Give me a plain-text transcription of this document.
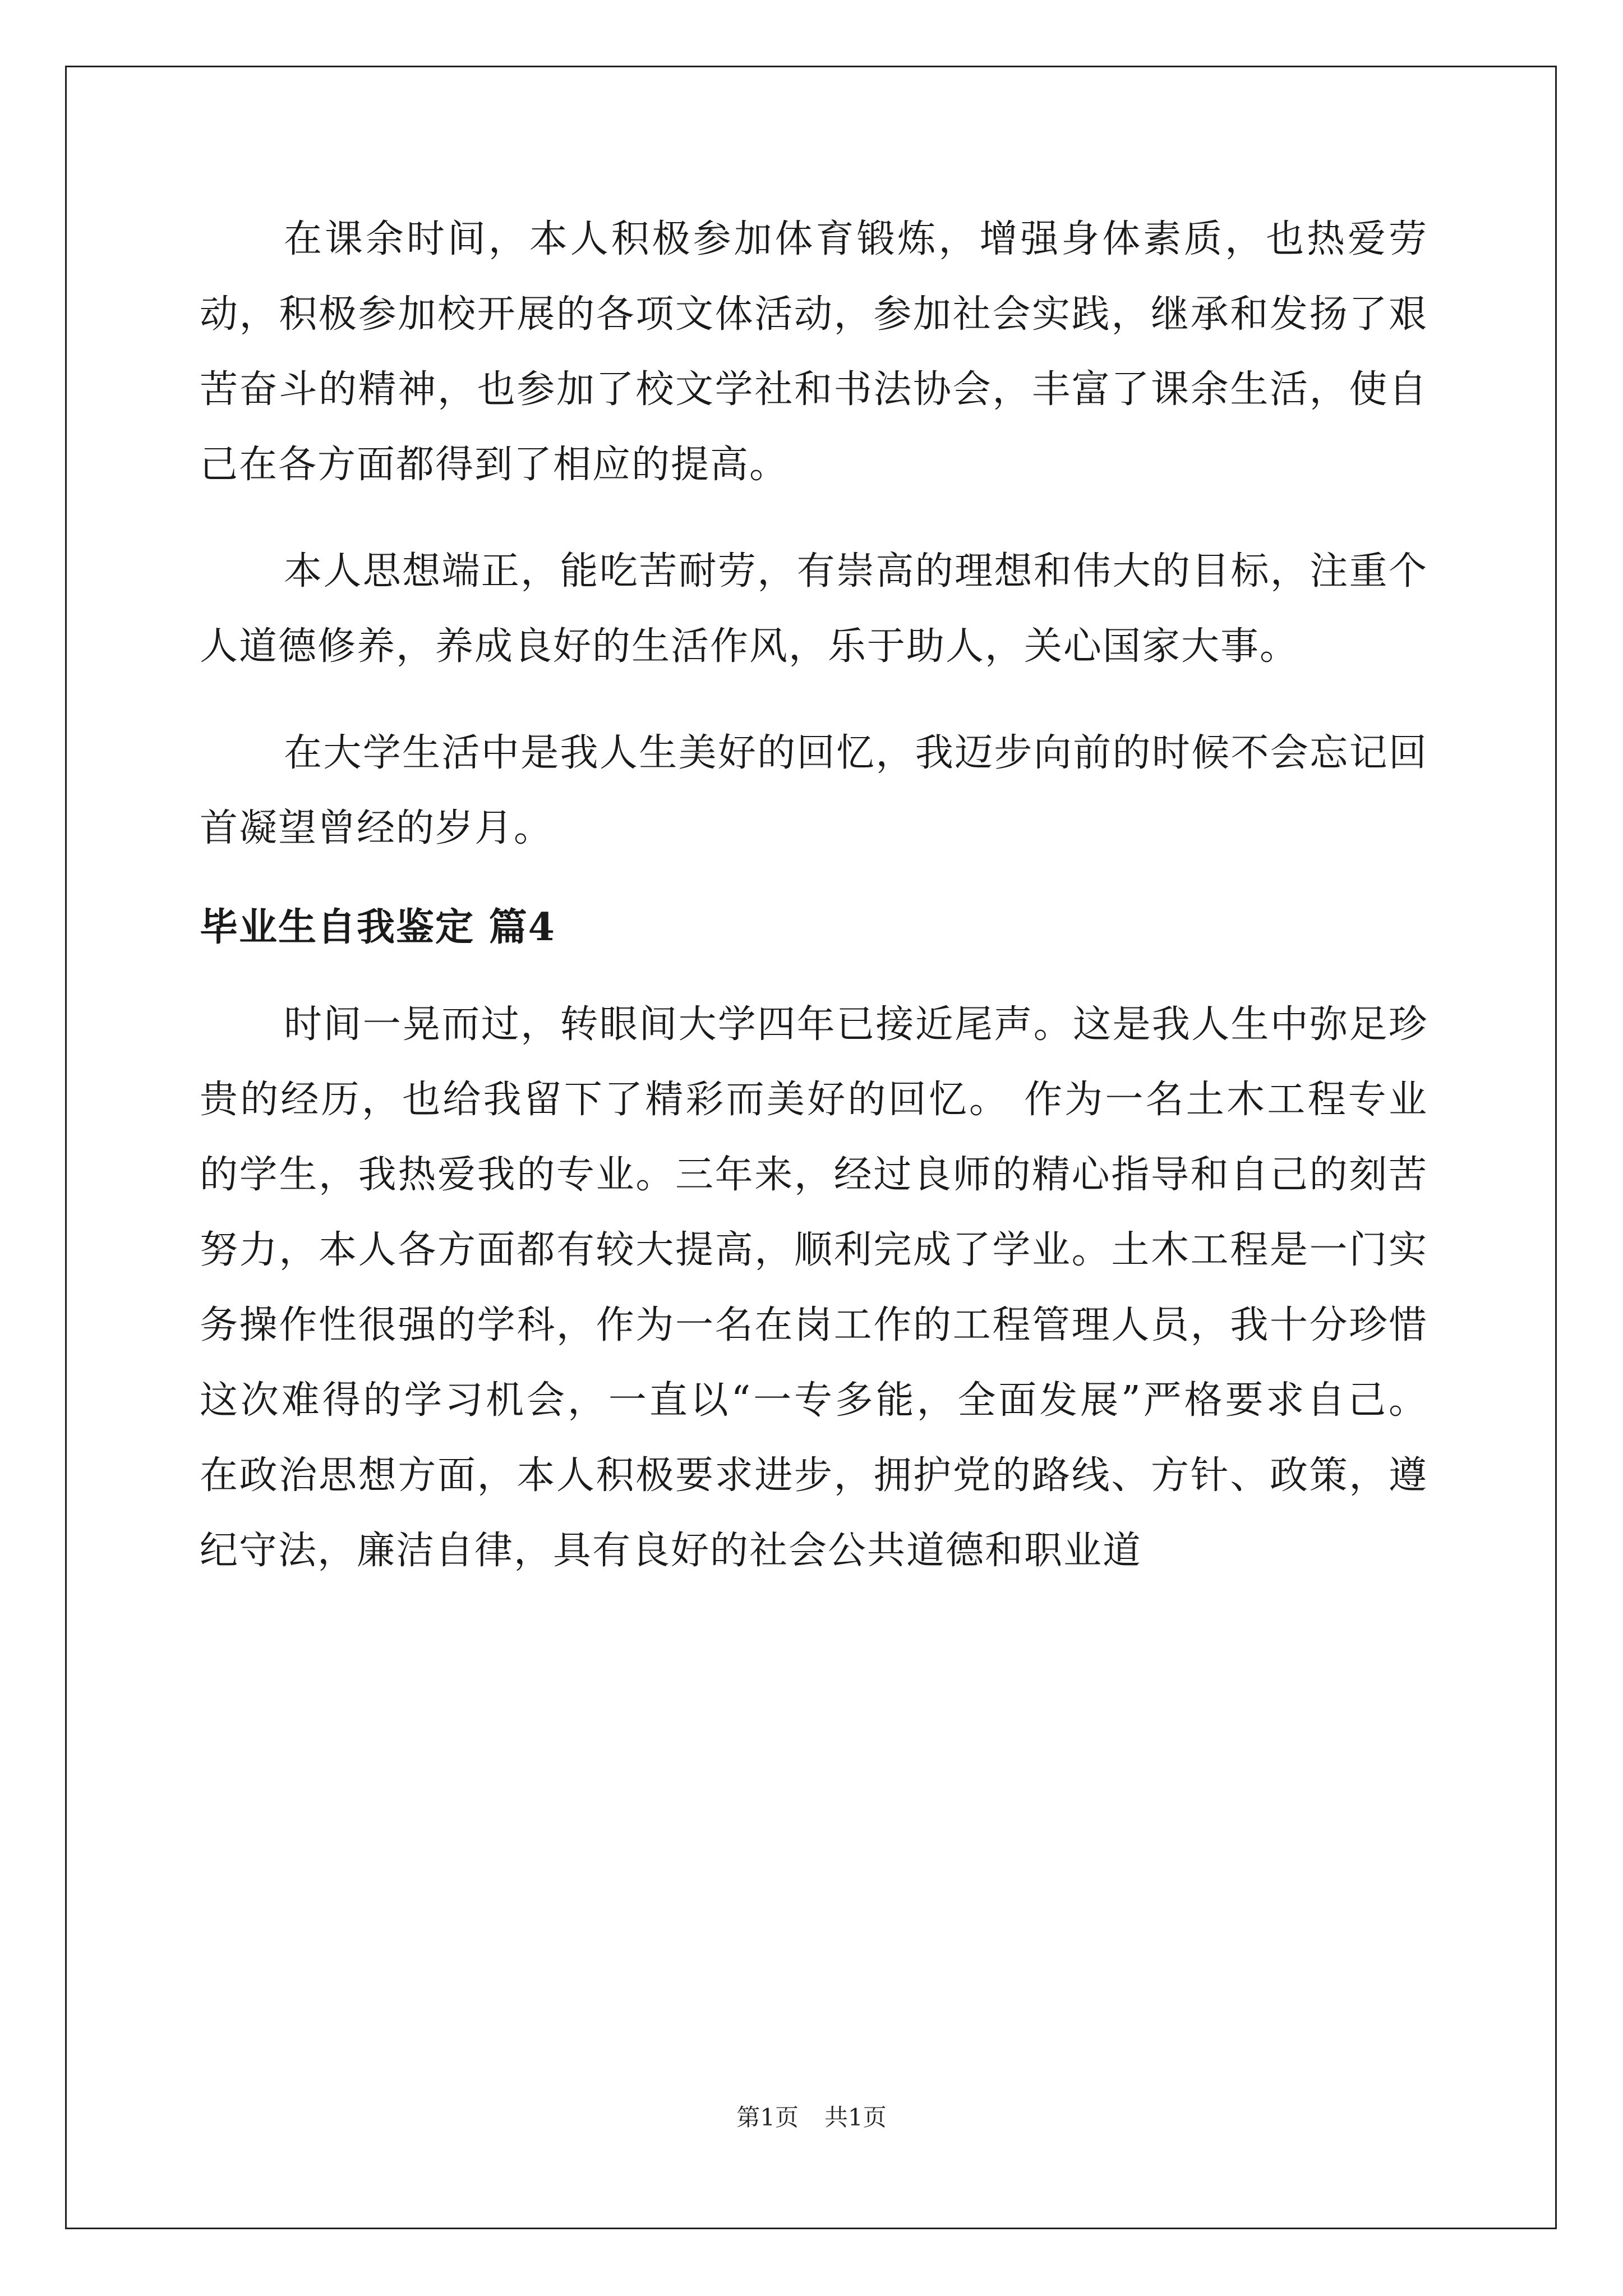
在课余时间，本人积极参加体育锻炼，增强身体素质，也热爱劳动，积极参加校开展的各项文体活动，参加社会实践，继承和发扬了艰苦奋斗的精神，也参加了校文学社和书法协会，丰富了课余生活，使自己在各方面都得到了相应的提高。

本人思想端正，能吃苦耐劳，有崇高的理想和伟大的目标，注重个人道德修养，养成良好的生活作风，乐于助人，关心国家大事。

在大学生活中是我人生美好的回忆，我迈步向前的时候不会忘记回首凝望曾经的岁月。

毕业生自我鉴定 篇4

时间一晃而过，转眼间大学四年已接近尾声。这是我人生中弥足珍贵的经历，也给我留下了精彩而美好的回忆。 作为一名土木工程专业的学生，我热爱我的专业。三年来，经过良师的精心指导和自己的刻苦努力，本人各方面都有较大提高，顺利完成了学业。土木工程是一门实务操作性很强的学科，作为一名在岗工作的工程管理人员，我十分珍惜这次难得的学习机会，一直以“一专多能，全面发展”严格要求自己。 在政治思想方面，本人积极要求进步，拥护党的路线、方针、政策，遵纪守法，廉洁自律，具有良好的社会公共道德和职业道

第1页 共1页
